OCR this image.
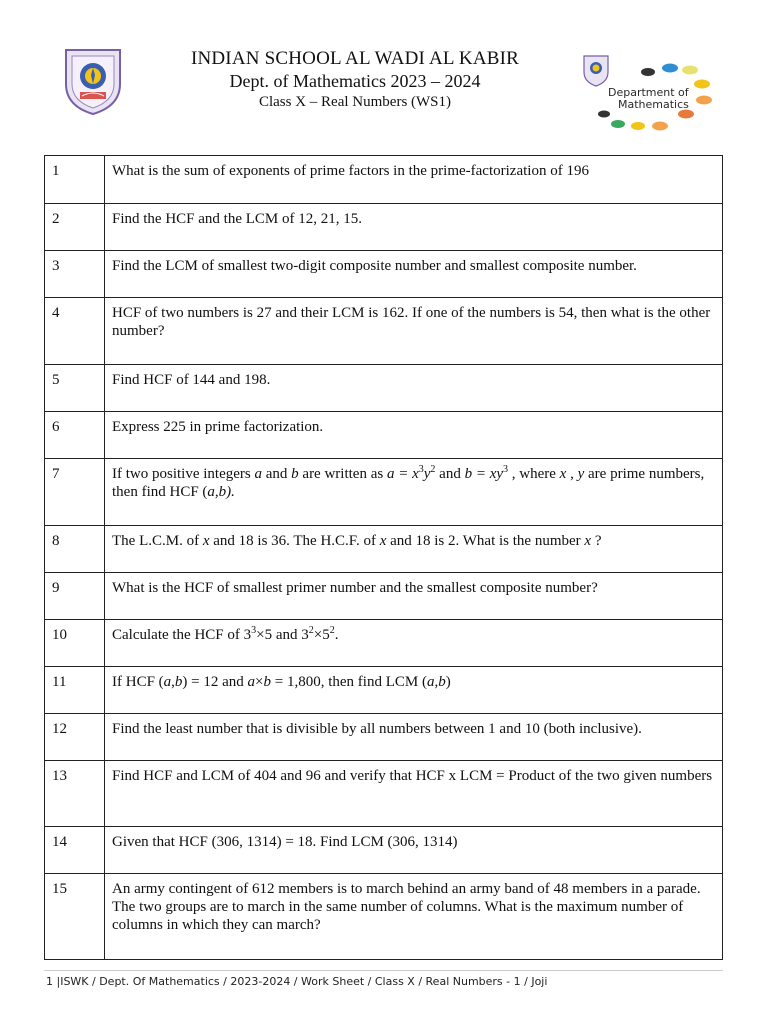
INDIAN SCHOOL AL WADI AL KABIR
Dept. of Mathematics 2023 – 2024
Class X – Real Numbers (WS1)
Department of
Mathematics
1	What is the sum of exponents of prime factors in the prime-factorization of 196
2	Find the HCF and the LCM of 12, 21, 15.
3	Find the LCM of smallest two-digit composite number and smallest composite number.
4	HCF of two numbers is 27 and their LCM is 162. If one of the numbers is 54, then what is the other number?
5	Find HCF of 144 and 198.
6	Express 225 in prime factorization.
7	If two positive integers a and b are written as $a = x^3y^2$ and $b = xy^3$ , where x , y are prime numbers, then find HCF (a,b).
8	The L.C.M. of x and 18 is 36. The H.C.F. of x and 18 is 2. What is the number x ?
9	What is the HCF of smallest primer number and the smallest composite number?
10	Calculate the HCF of $3^3\times 5$ and $3^2\times 5^2$.
11	If HCF (a,b) = 12 and a×b = 1,800, then find LCM (a,b)
12	Find the least number that is divisible by all numbers between 1 and 10 (both inclusive).
13	Find HCF and LCM of 404 and 96 and verify that HCF x LCM = Product of the two given numbers
14	Given that HCF (306, 1314) = 18. Find LCM (306, 1314)
15	An army contingent of 612 members is to march behind an army band of 48 members in a parade. The two groups are to march in the same number of columns. What is the maximum number of columns in which they can march?
1 |ISWK / Dept. Of Mathematics / 2023-2024 / Work Sheet / Class X / Real Numbers - 1 / Joji
